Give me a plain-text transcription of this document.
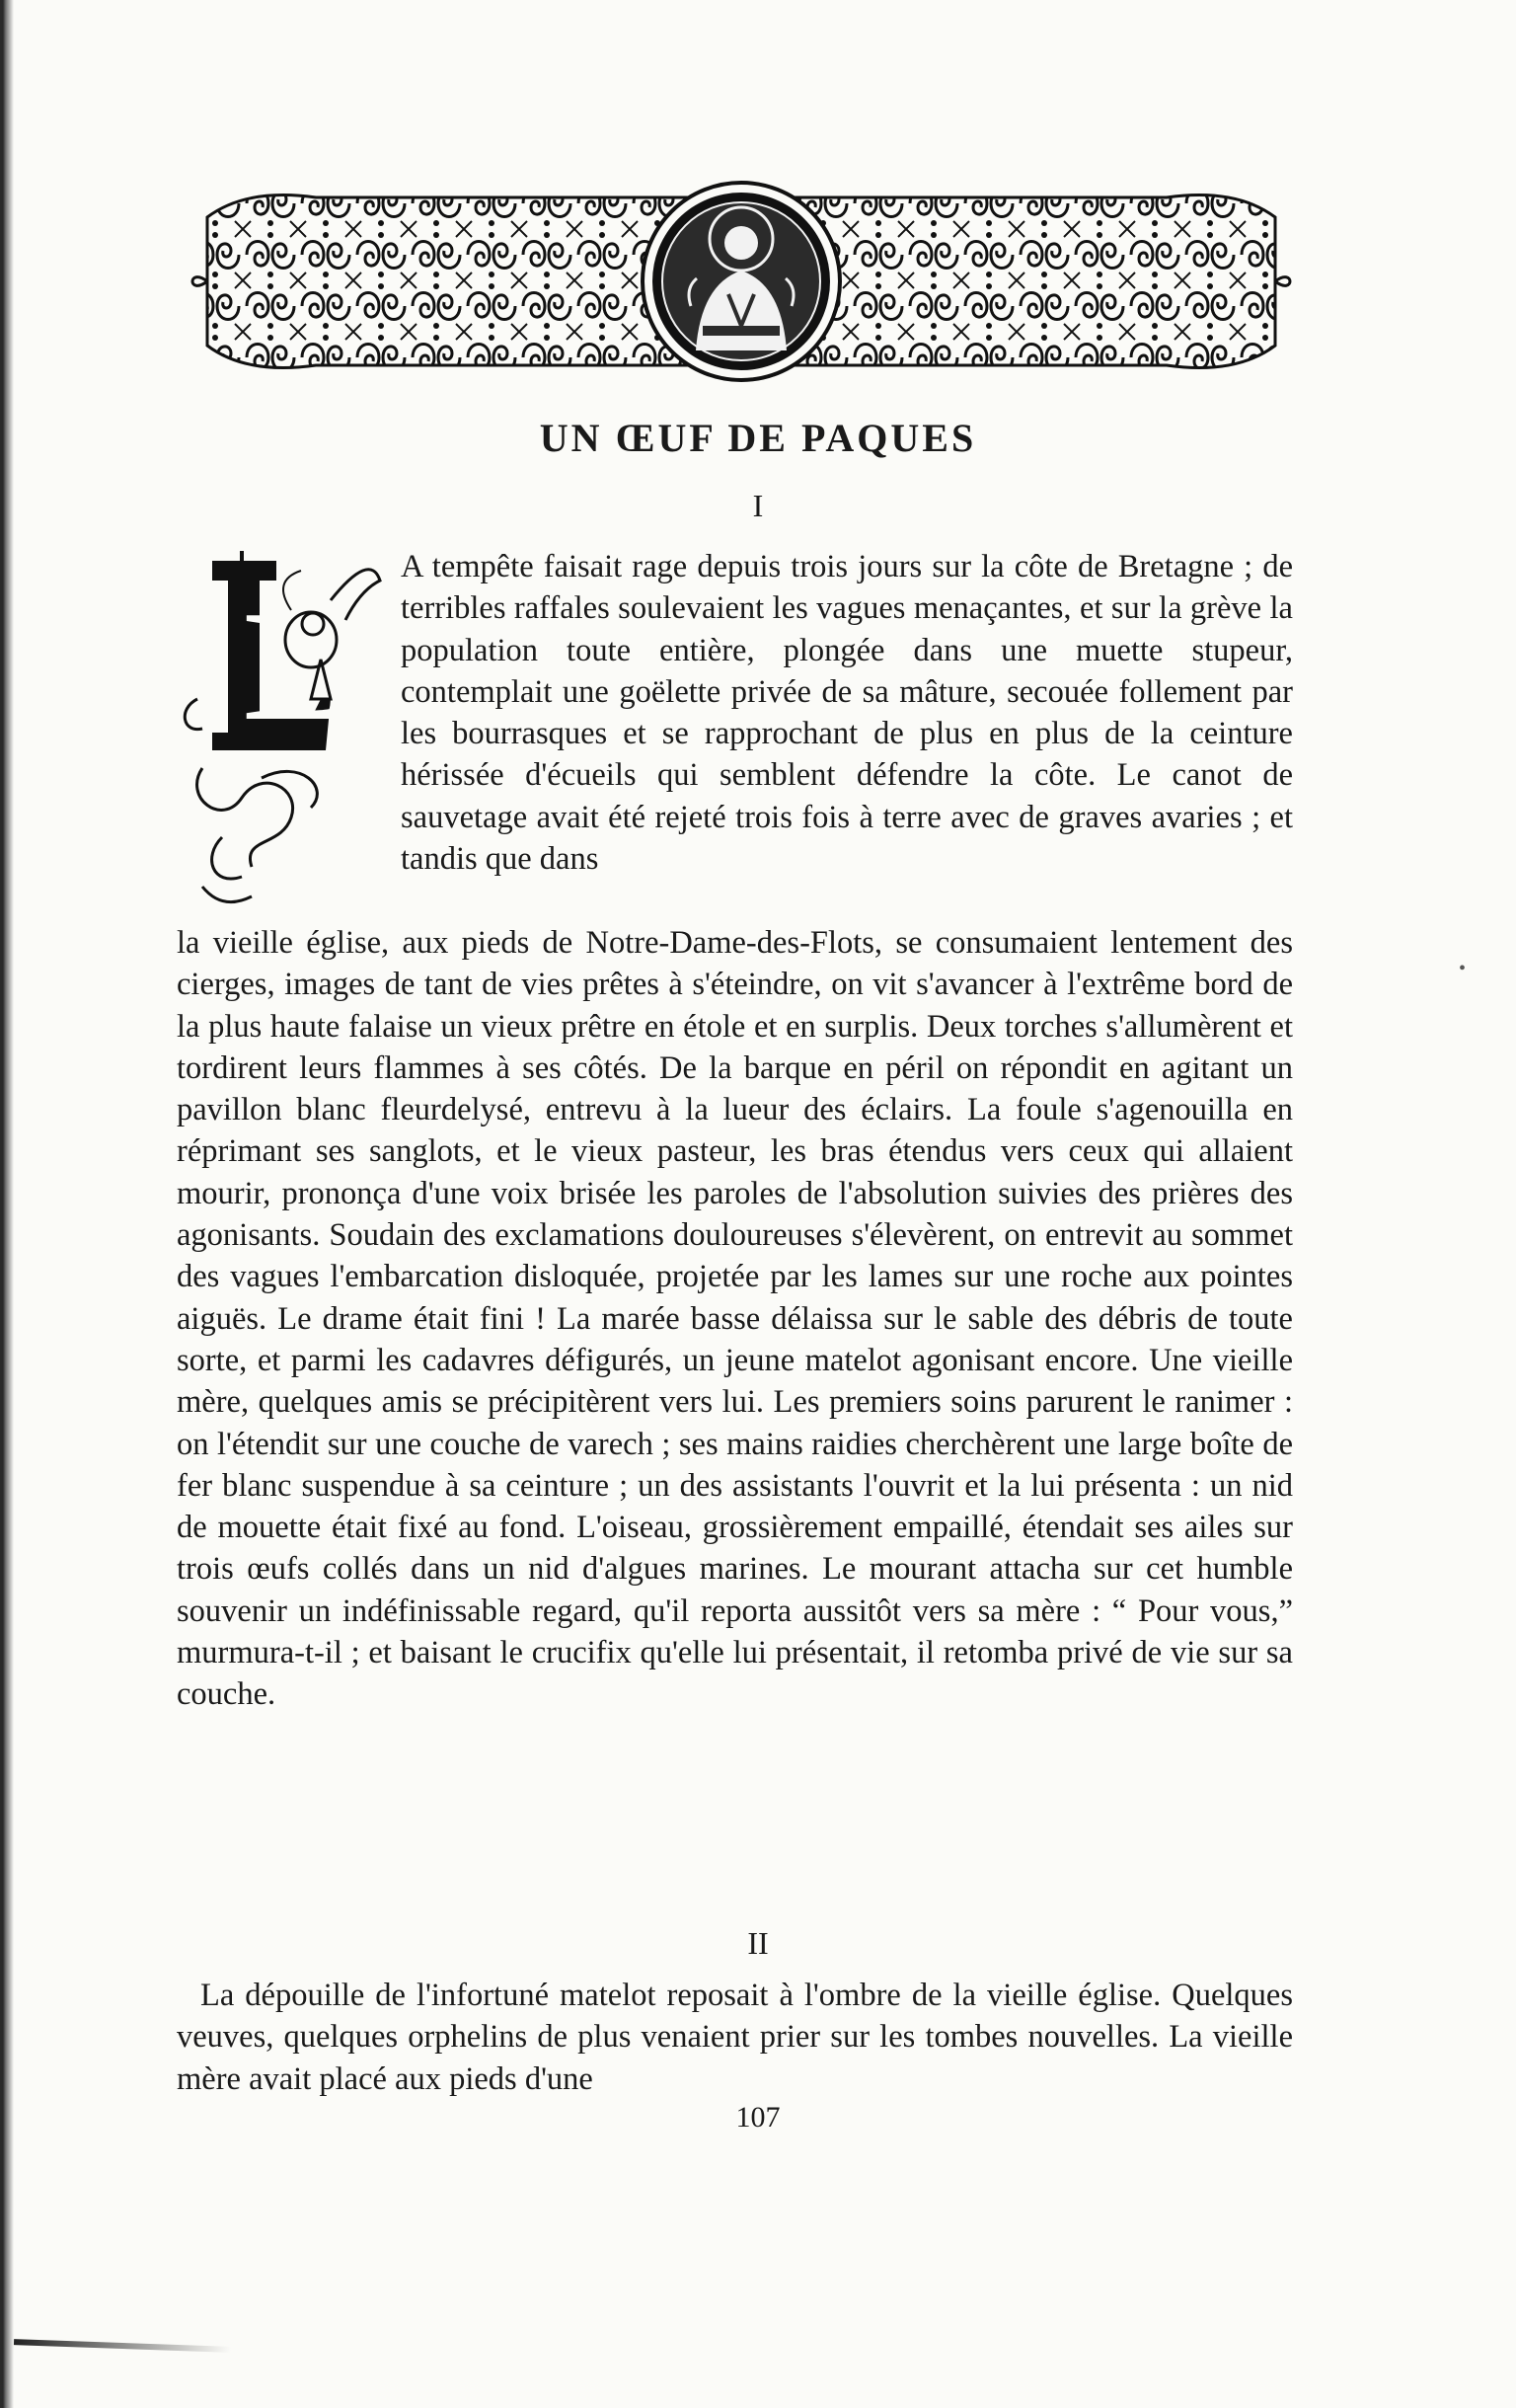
UN ŒUF DE PAQUES
I
L
A tempête faisait rage depuis trois jours sur la côte de Bretagne ; de terribles raffales soulevaient les vagues menaçantes, et sur la grève la population toute entière, plongée dans une muette stupeur, contemplait une goëlette privée de sa mâture, secouée follement par les bourrasques et se rapprochant de plus en plus de la ceinture hérissée d'écueils qui semblent défendre la côte. Le canot de sauvetage avait été rejeté trois fois à terre avec de graves avaries ; et tandis que dans
la vieille église, aux pieds de Notre-Dame-des-Flots, se consumaient lentement des cierges, images de tant de vies prêtes à s'éteindre, on vit s'avancer à l'extrême bord de la plus haute falaise un vieux prêtre en étole et en surplis. Deux torches s'allumèrent et tordirent leurs flammes à ses côtés. De la barque en péril on répondit en agitant un pavillon blanc fleurdelysé, entrevu à la lueur des éclairs. La foule s'agenouilla en réprimant ses sanglots, et le vieux pasteur, les bras étendus vers ceux qui allaient mourir, prononça d'une voix brisée les paroles de l'absolution suivies des prières des agonisants. Soudain des exclamations douloureuses s'élevèrent, on entrevit au sommet des vagues l'embarcation disloquée, projetée par les lames sur une roche aux pointes aiguës. Le drame était fini ! La marée basse délaissa sur le sable des débris de toute sorte, et parmi les cadavres défigurés, un jeune matelot agonisant encore. Une vieille mère, quelques amis se précipitèrent vers lui. Les premiers soins parurent le ranimer : on l'étendit sur une couche de varech ; ses mains raidies cherchèrent une large boîte de fer blanc suspendue à sa ceinture ; un des assistants l'ouvrit et la lui présenta : un nid de mouette était fixé au fond. L'oiseau, grossièrement empaillé, étendait ses ailes sur trois œufs collés dans un nid d'algues marines. Le mourant attacha sur cet humble souvenir un indéfinissable regard, qu'il reporta aussitôt vers sa mère : “ Pour vous,” murmura-t-il ; et baisant le crucifix qu'elle lui présentait, il retomba privé de vie sur sa couche.
II
La dépouille de l'infortuné matelot reposait à l'ombre de la vieille église. Quelques veuves, quelques orphelins de plus venaient prier sur les tombes nouvelles. La vieille mère avait placé aux pieds d'une
107
•
